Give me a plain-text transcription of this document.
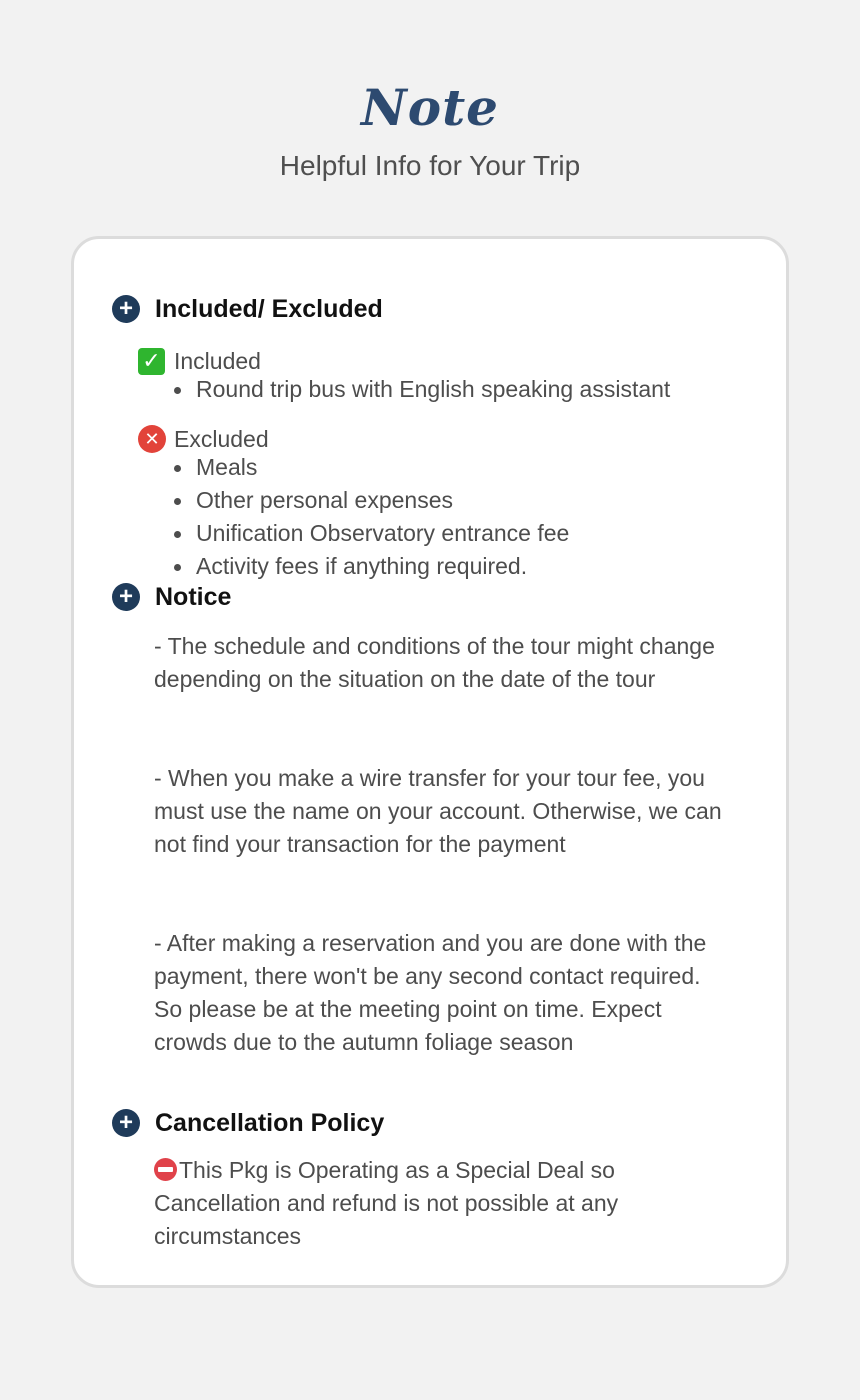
Note
Helpful Info for Your Trip
+ Included/ Excluded
✓ Included
Round trip bus with English speaking assistant
✕ Excluded
Meals
Other personal expenses
Unification Observatory entrance fee
Activity fees if anything required.
+ Notice

- The schedule and conditions of the tour might change depending on the situation on the date of the tour

- When you make a wire transfer for your tour fee, you must use the name on your account. Otherwise, we can not find your transaction for the payment

- After making a reservation and you are done with the payment, there won't be any second contact required. So please be at the meeting point on time. Expect crowds due to the autumn foliage season

+ Cancellation Policy

This Pkg is Operating as a Special Deal so Cancellation and refund is not possible at any circumstances
